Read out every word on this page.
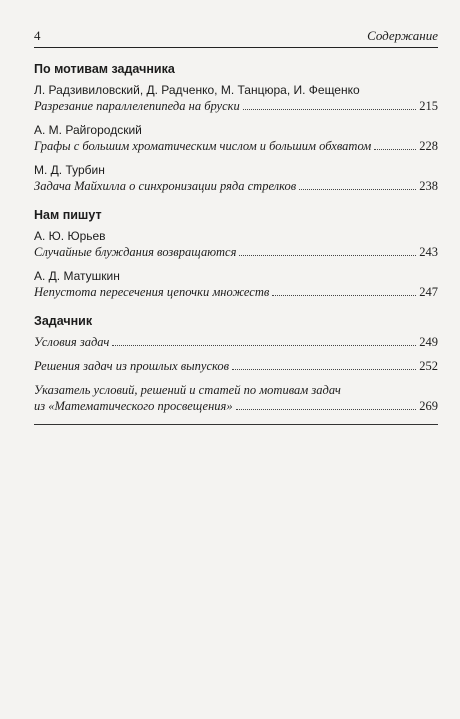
4	Содержание
По мотивам задачника
Л. Радзивиловский, Д. Радченко, М. Танцюра, И. Фещенко
Разрезание параллелепипеда на бруски	215
А. М. Райгородский
Графы с большим хроматическим числом и большим обхватом	228
М. Д. Турбин
Задача Майхилла о синхронизации ряда стрелков	238
Нам пишут
А. Ю. Юрьев
Случайные блуждания возвращаются	243
А. Д. Матушкин
Непустота пересечения цепочки множеств	247
Задачник
Условия задач	249
Решения задач из прошлых выпусков	252
Указатель условий, решений и статей по мотивам задач
из «Математического просвещения»	269
